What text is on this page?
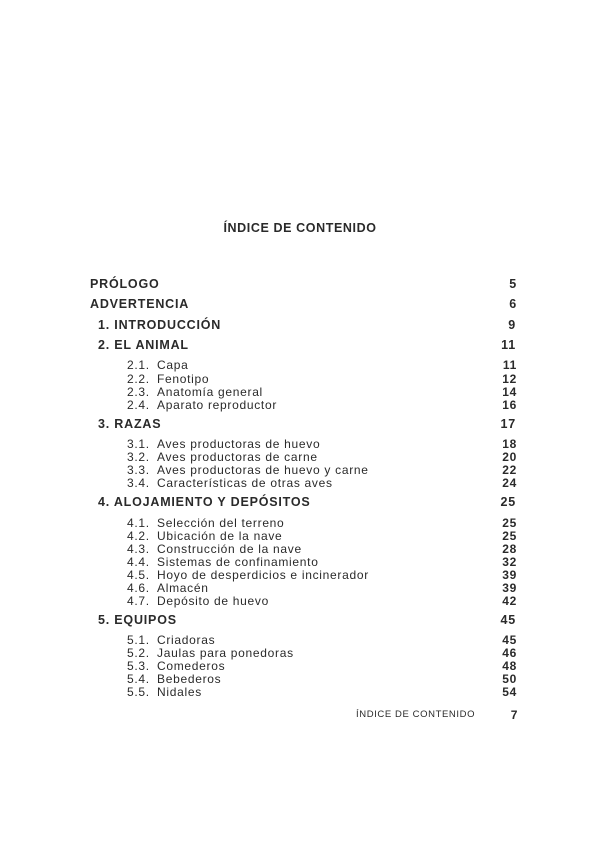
ÍNDICE DE CONTENIDO
PRÓLOGO	5
ADVERTENCIA	6
1. INTRODUCCIÓN	9
2. EL ANIMAL	11
2.1. Capa	11
2.2. Fenotipo	12
2.3. Anatomía general	14
2.4. Aparato reproductor	16
3. RAZAS	17
3.1. Aves productoras de huevo	18
3.2. Aves productoras de carne	20
3.3. Aves productoras de huevo y carne	22
3.4. Características de otras aves	24
4. ALOJAMIENTO Y DEPÓSITOS	25
4.1. Selección del terreno	25
4.2. Ubicación de la nave	25
4.3. Construcción de la nave	28
4.4. Sistemas de confinamiento	32
4.5. Hoyo de desperdicios e incinerador	39
4.6. Almacén	39
4.7. Depósito de huevo	42
5. EQUIPOS	45
5.1. Criadoras	45
5.2. Jaulas para ponedoras	46
5.3. Comederos	48
5.4. Bebederos	50
5.5. Nidales	54
ÍNDICE DE CONTENIDO	7
